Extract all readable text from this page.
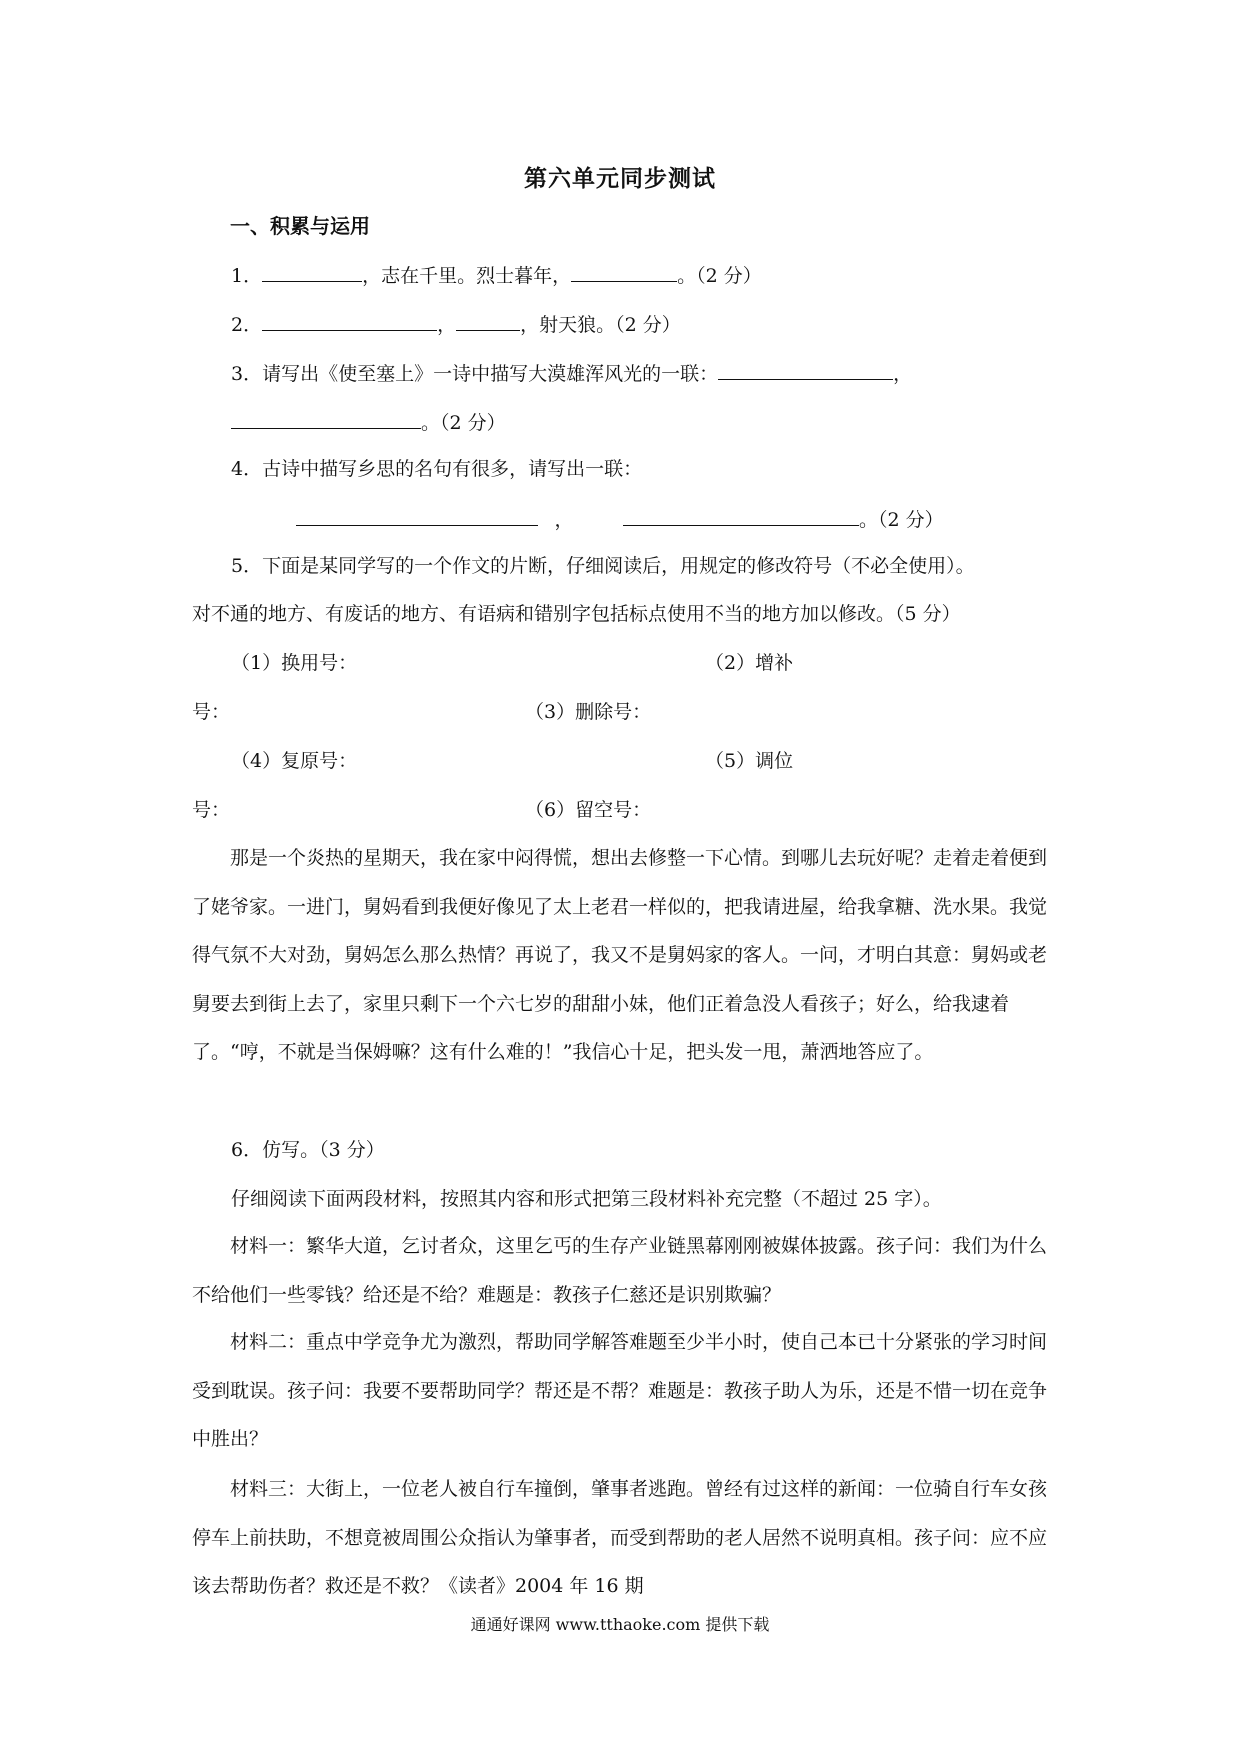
第六单元同步测试
一、积累与运用
1．	，志在千里。烈士暮年，	。（2 分）
2．	，	，射天狼。（2 分）
3．请写出《使至塞上》一诗中描写大漠雄浑风光的一联：	，
。（2 分）
4．古诗中描写乡思的名句有很多，请写出一联：
，	。（2 分）
5．下面是某同学写的一个作文的片断，仔细阅读后，用规定的修改符号（不必全使用）。
对不通的地方、有废话的地方、有语病和错别字包括标点使用不当的地方加以修改。（5 分）
（1）换用号：	（2）增补
号：	（3）删除号：
（4）复原号：	（5）调位
号：	（6）留空号：
那是一个炎热的星期天，我在家中闷得慌，想出去修整一下心情。到哪儿去玩好呢？走着走着便到了姥爷家。一进门，舅妈看到我便好像见了太上老君一样似的，把我请进屋，给我拿糖、洗水果。我觉得气氛不大对劲，舅妈怎么那么热情？再说了，我又不是舅妈家的客人。一问，才明白其意：舅妈或老舅要去到街上去了，家里只剩下一个六七岁的甜甜小妹，他们正着急没人看孩子；好么，给我逮着了。“哼，不就是当保姆嘛？这有什么难的！”我信心十足，把头发一甩，萧洒地答应了。
6．仿写。（3 分）
仔细阅读下面两段材料，按照其内容和形式把第三段材料补充完整（不超过 25 字）。
材料一：繁华大道，乞讨者众，这里乞丐的生存产业链黑幕刚刚被媒体披露。孩子问：我们为什么不给他们一些零钱？给还是不给？难题是：教孩子仁慈还是识别欺骗？
材料二：重点中学竞争尤为激烈，帮助同学解答难题至少半小时，使自己本已十分紧张的学习时间受到耽误。孩子问：我要不要帮助同学？帮还是不帮？难题是：教孩子助人为乐，还是不惜一切在竞争中胜出？
材料三：大街上，一位老人被自行车撞倒，肇事者逃跑。曾经有过这样的新闻：一位骑自行车女孩停车上前扶助，不想竟被周围公众指认为肇事者，而受到帮助的老人居然不说明真相。孩子问：应不应该去帮助伤者？救还是不救？《读者》2004 年 16 期
通通好课网 www.tthaoke.com 提供下载
